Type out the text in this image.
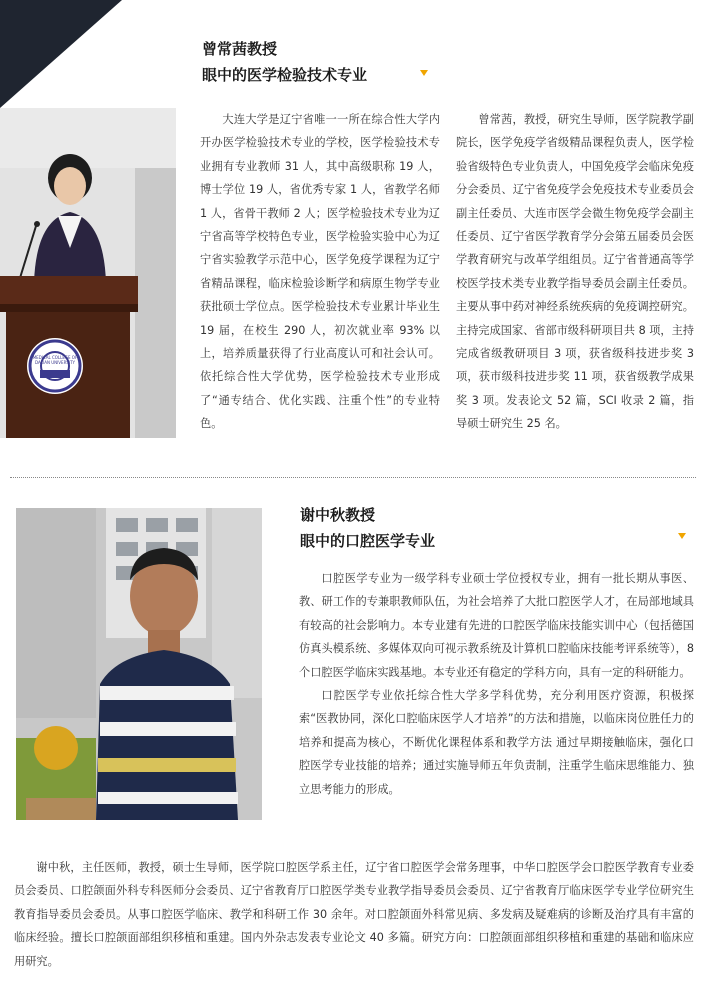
曾常茜教授
眼中的医学检验技术专业
MEDICAL COLLEGE OF DALIAN UNIVERSITY

大连大学是辽宁省唯一一所在综合性大学内开办医学检验技术专业的学校，医学检验技术专业拥有专业教师 31 人，其中高级职称 19 人，博士学位 19 人，省优秀专家 1 人，省教学名师 1 人，省骨干教师 2 人；医学检验技术专业为辽宁省高等学校特色专业，医学检验实验中心为辽宁省实验教学示范中心，医学免疫学课程为辽宁省精品课程，临床检验诊断学和病原生物学专业获批硕士学位点。医学检验技术专业累计毕业生 19 届，在校生 290 人，初次就业率 93% 以上，培养质量获得了行业高度认可和社会认可。依托综合性大学优势，医学检验技术专业形成了“通专结合、优化实践、注重个性”的专业特色。

曾常茜，教授，研究生导师，医学院教学副院长，医学免疫学省级精品课程负责人，医学检验省级特色专业负责人，中国免疫学会临床免疫分会委员、辽宁省免疫学会免疫技术专业委员会副主任委员、大连市医学会微生物免疫学会副主任委员、辽宁省医学教育学分会第五届委员会医学教育研究与改革学组组员。辽宁省普通高等学校医学技术类专业教学指导委员会副主任委员。主要从事中药对神经系统疾病的免疫调控研究。主持完成国家、省部市级科研项目共 8 项，主持完成省级教研项目 3 项，获省级科技进步奖 3 项，获市级科技进步奖 11 项，获省级教学成果奖 3 项。发表论文 52 篇，SCI 收录 2 篇，指导硕士研究生 25 名。

谢中秋教授
眼中的口腔医学专业

口腔医学专业为一级学科专业硕士学位授权专业，拥有一批长期从事医、教、研工作的专兼职教师队伍，为社会培养了大批口腔医学人才，在局部地域具有较高的社会影响力。本专业建有先进的口腔医学临床技能实训中心（包括德国仿真头模系统、多媒体双向可视示教系统及计算机口腔临床技能考评系统等），8 个口腔医学临床实践基地。本专业还有稳定的学科方向，具有一定的科研能力。

口腔医学专业依托综合性大学多学科优势，充分利用医疗资源，积极探索“医教协同，深化口腔临床医学人才培养”的方法和措施，以临床岗位胜任力的培养和提高为核心，不断优化课程体系和教学方法 通过早期接触临床，强化口腔医学专业技能的培养；通过实施导师五年负责制，注重学生临床思维能力、独立思考能力的形成。

谢中秋，主任医师，教授，硕士生导师，医学院口腔医学系主任，辽宁省口腔医学会常务理事，中华口腔医学会口腔医学教育专业委员会委员、口腔颌面外科专科医师分会委员、辽宁省教育厅口腔医学类专业教学指导委员会委员、辽宁省教育厅临床医学专业学位研究生教育指导委员会委员。从事口腔医学临床、教学和科研工作 30 余年。对口腔颌面外科常见病、多发病及疑难病的诊断及治疗具有丰富的临床经验。擅长口腔颌面部组织移植和重建。国内外杂志发表专业论文 40 多篇。研究方向：口腔颌面部组织移植和重建的基础和临床应用研究。
